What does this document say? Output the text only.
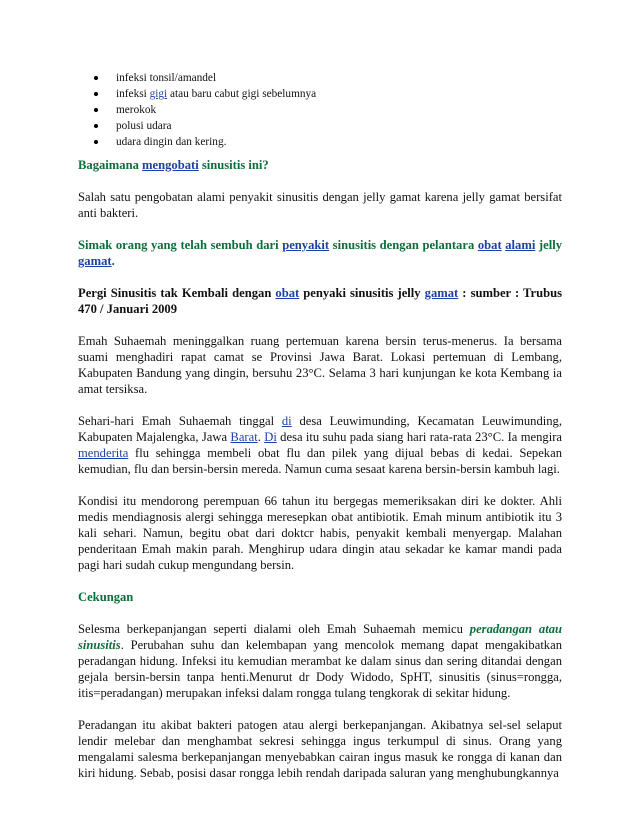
infeksi tonsil/amandel
infeksi gigi atau baru cabut gigi sebelumnya
merokok
polusi udara
udara dingin dan kering.

Bagaimana mengobati sinusitis ini?

Salah satu pengobatan alami penyakit sinusitis dengan jelly gamat karena jelly gamat bersifat anti bakteri.

Simak orang yang telah sembuh dari penyakit sinusitis dengan pelantara obat alami jelly gamat.

Pergi Sinusitis tak Kembali dengan obat penyaki sinusitis jelly gamat : sumber : Trubus 470 / Januari 2009

Emah Suhaemah meninggalkan ruang pertemuan karena bersin terus-menerus. Ia bersama suami menghadiri rapat camat se Provinsi Jawa Barat. Lokasi pertemuan di Lembang, Kabupaten Bandung yang dingin, bersuhu 23°C. Selama 3 hari kunjungan ke kota Kembang ia amat tersiksa.

Sehari-hari Emah Suhaemah tinggal di desa Leuwimunding, Kecamatan Leuwimunding, Kabupaten Majalengka, Jawa Barat. Di desa itu suhu pada siang hari rata-rata 23°C. Ia mengira menderita flu sehingga membeli obat flu dan pilek yang dijual bebas di kedai. Sepekan kemudian, flu dan bersin-bersin mereda. Namun cuma sesaat karena bersin-bersin kambuh lagi.

Kondisi itu mendorong perempuan 66 tahun itu bergegas memeriksakan diri ke dokter. Ahli medis mendiagnosis alergi sehingga meresepkan obat antibiotik. Emah minum antibiotik itu 3 kali sehari. Namun, begitu obat dari doktcr habis, penyakit kembali menyergap. Malahan penderitaan Emah makin parah. Menghirup udara dingin atau sekadar ke kamar mandi pada pagi hari sudah cukup mengundang bersin.

Cekungan

Selesma berkepanjangan seperti dialami oleh Emah Suhaemah memicu peradangan atau sinusitis. Perubahan suhu dan kelembapan yang mencolok memang dapat mengakibatkan peradangan hidung. Infeksi itu kemudian merambat ke dalam sinus dan sering ditandai dengan gejala bersin-bersin tanpa henti.Menurut dr Dody Widodo, SpHT, sinusitis (sinus=rongga, itis=peradangan) merupakan infeksi dalam rongga tulang tengkorak di sekitar hidung.

Peradangan itu akibat bakteri patogen atau alergi berkepanjangan. Akibatnya sel-sel selaput lendir melebar dan menghambat sekresi sehingga ingus terkumpul di sinus. Orang yang mengalami salesma berkepanjangan menyebabkan cairan ingus masuk ke rongga di kanan dan kiri hidung. Sebab, posisi dasar rongga lebih rendah daripada saluran yang menghubungkannya
